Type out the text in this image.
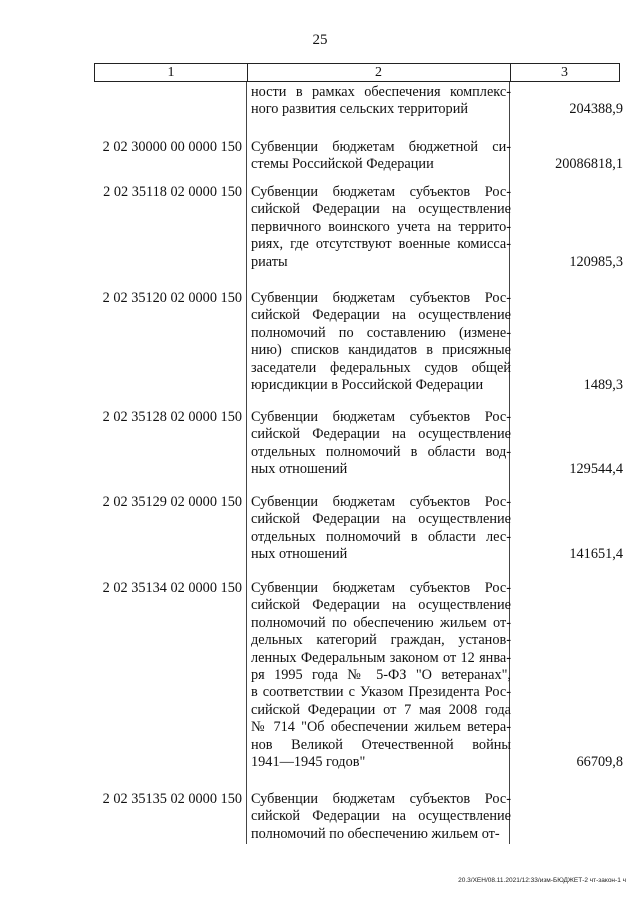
25
1	2	3
ности в рамках обеспечения комплекс-
ного развития сельских территорий	204388,9
2 02 30000 00 0000 150 Субвенции бюджетам бюджетной си-
стемы Российской Федерации	20086818,1
2 02 35118 02 0000 150 Субвенции бюджетам субъектов Рос-
сийской Федерации на осуществление
первичного воинского учета на террито-
риях, где отсутствуют военные комисса-
риаты	120985,3
2 02 35120 02 0000 150 Субвенции бюджетам субъектов Рос-
сийской Федерации на осуществление
полномочий по составлению (измене-
нию) списков кандидатов в присяжные
заседатели федеральных судов общей
юрисдикции в Российской Федерации	1489,3
2 02 35128 02 0000 150 Субвенции бюджетам субъектов Рос-
сийской Федерации на осуществление
отдельных полномочий в области вод-
ных отношений	129544,4
2 02 35129 02 0000 150 Субвенции бюджетам субъектов Рос-
сийской Федерации на осуществление
отдельных полномочий в области лес-
ных отношений	141651,4
2 02 35134 02 0000 150 Субвенции бюджетам субъектов Рос-
сийской Федерации на осуществление
полномочий по обеспечению жильем от-
дельных категорий граждан, установ-
ленных Федеральным законом от 12 янва-
ря 1995 года № 5-ФЗ "О ветеранах",
в соответствии с Указом Президента Рос-
сийской Федерации от 7 мая 2008 года
№ 714 "Об обеспечении жильем ветера-
нов Великой Отечественной войны
1941—1945 годов"	66709,8
2 02 35135 02 0000 150 Субвенции бюджетам субъектов Рос-
сийской Федерации на осуществление
полномочий по обеспечению жильем от-
20.3/ХЕН/08.11.2021/12:33/изм-БЮДЖЕТ-2 чт-закон-1 ч
